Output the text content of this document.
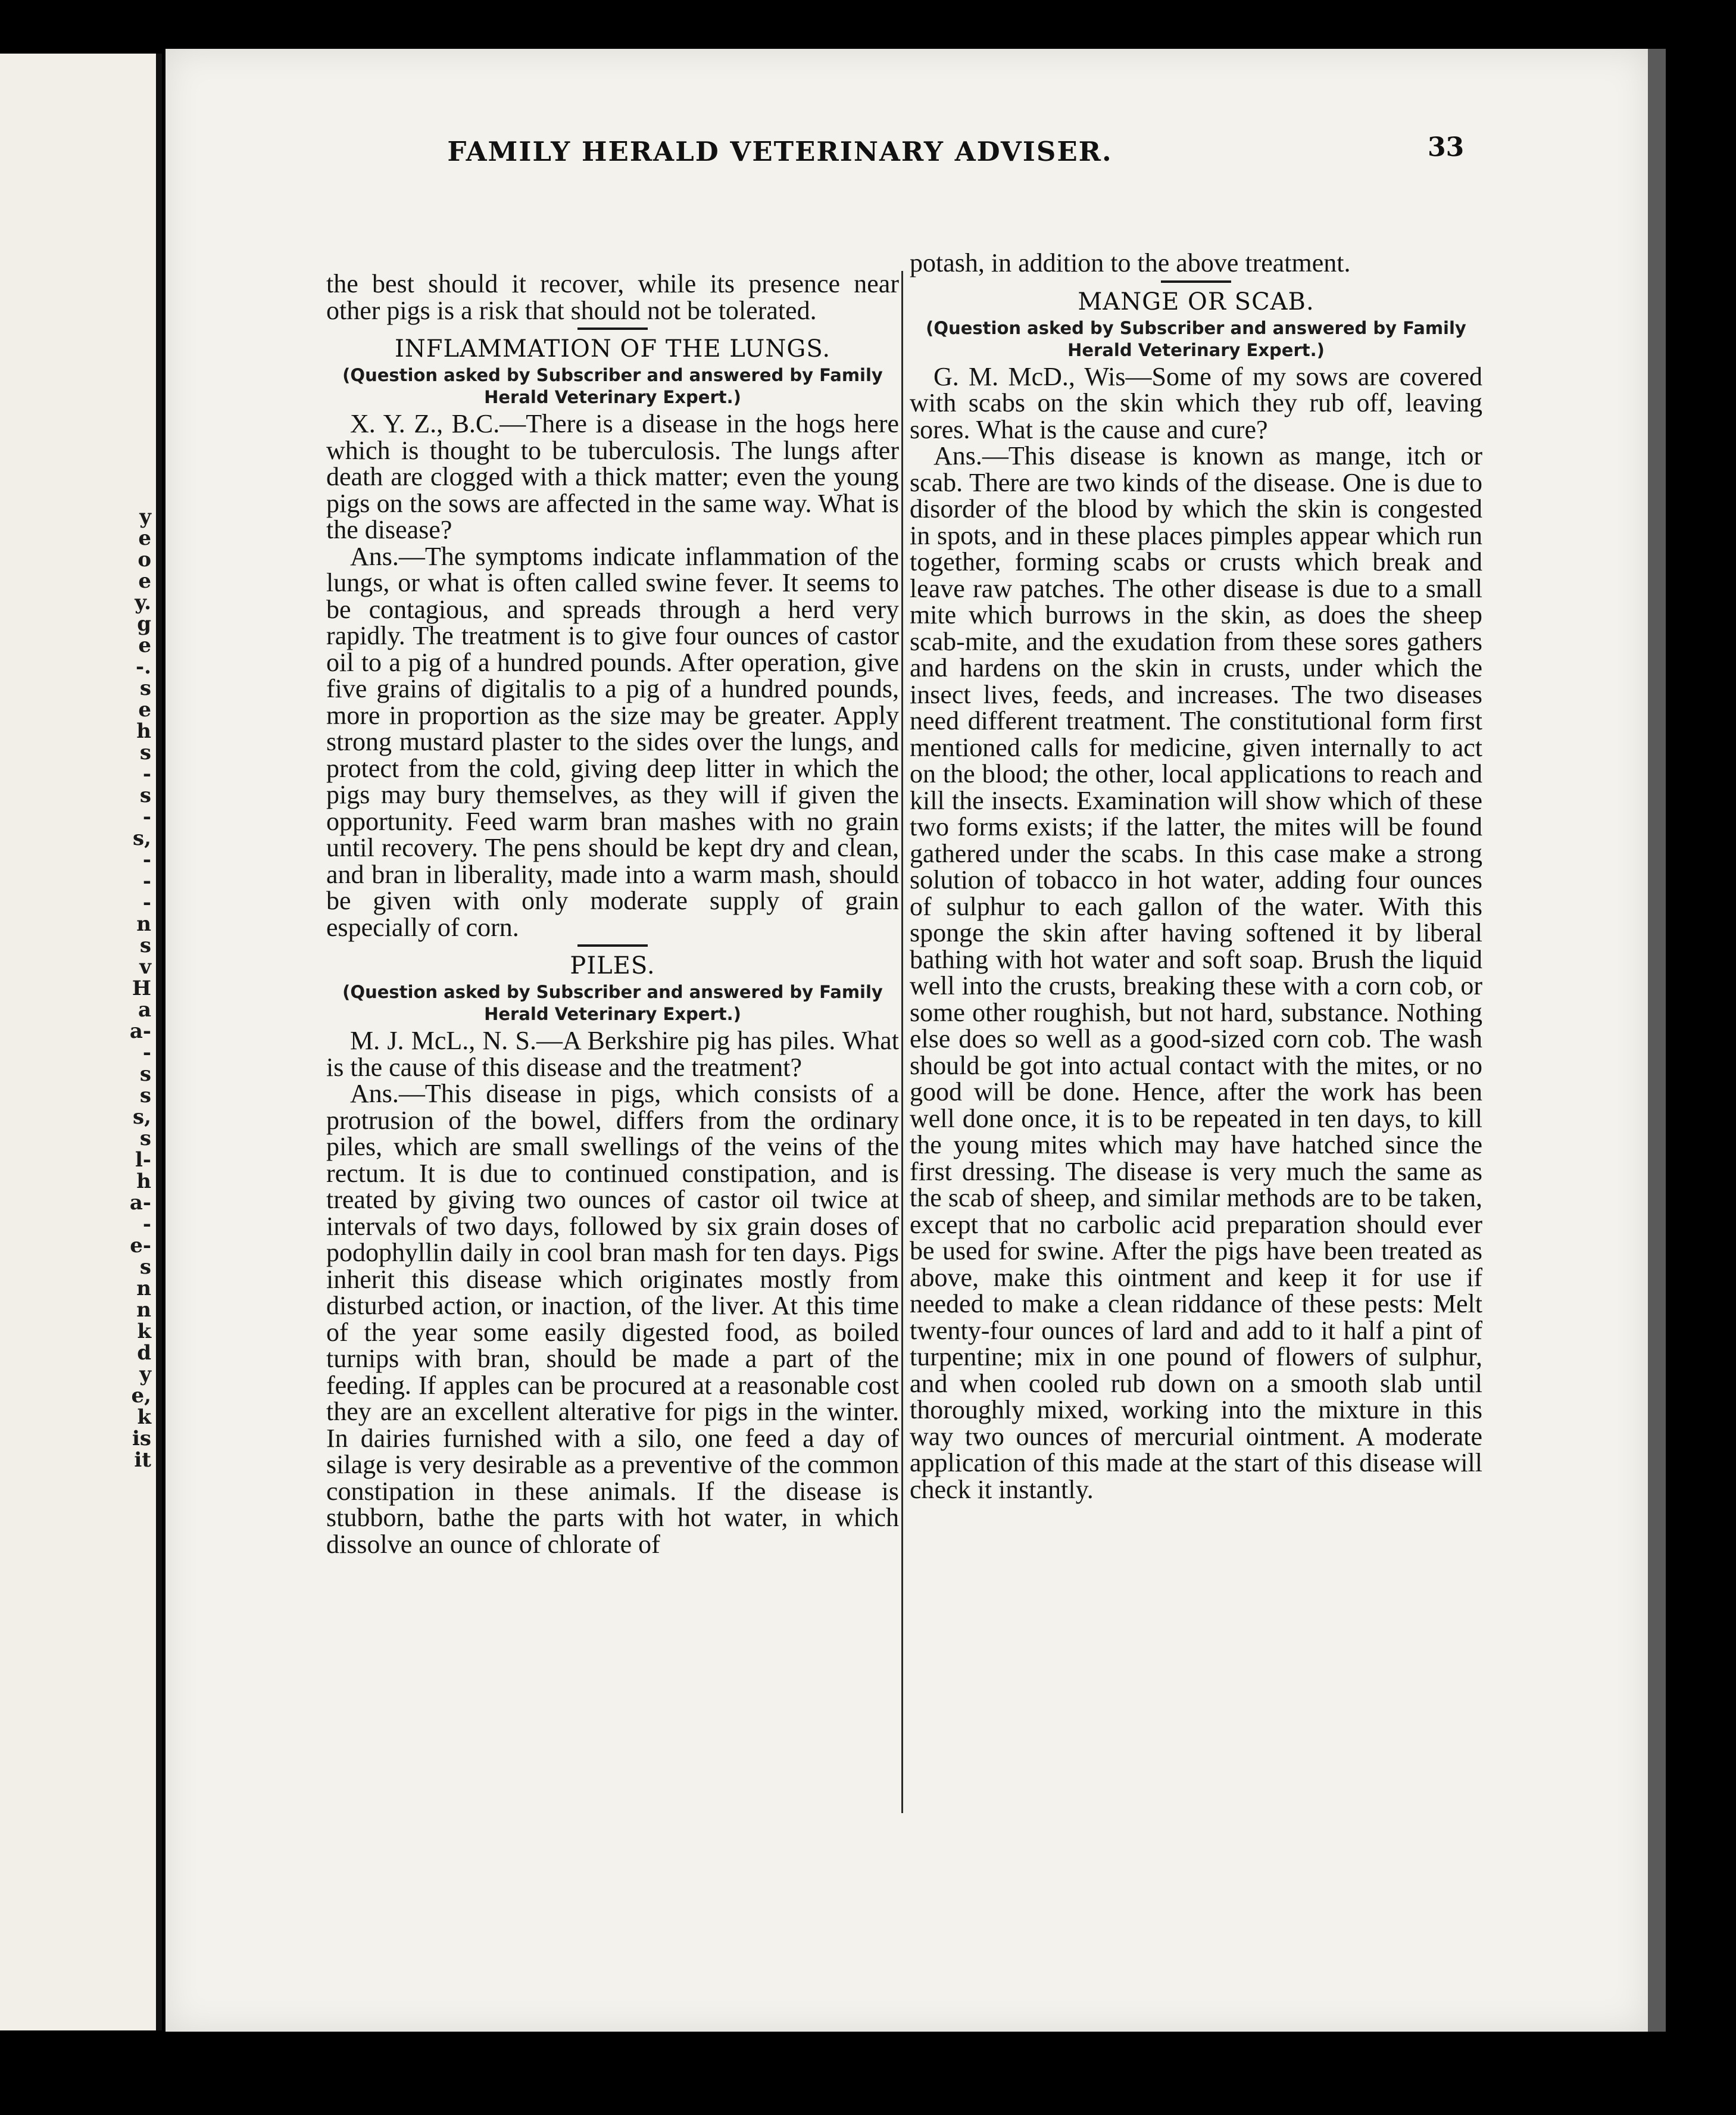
y
e
o
e
y.
g
e
-.
s
e
h
s
-
s
-
s,
-
-
-
n
s
v
H
a
a-
-
s
s
s,
s
l-
h
a-
-
e-
s
n
n
k
d
y
e,
k
is
it
FAMILY HERALD VETERINARY ADVISER.	33

the best should it recover, while its presence near other pigs is a risk that should not be tolerated.

INFLAMMATION OF THE LUNGS.
(Question asked by Subscriber and answered by Family Herald Veterinary Expert.)

X. Y. Z., B.C.—There is a disease in the hogs here which is thought to be tuberculosis. The lungs after death are clogged with a thick matter; even the young pigs on the sows are affected in the same way. What is the disease?

Ans.—The symptoms indicate inflammation of the lungs, or what is often called swine fever. It seems to be contagious, and spreads through a herd very rapidly. The treatment is to give four ounces of castor oil to a pig of a hundred pounds. After operation, give five grains of digitalis to a pig of a hundred pounds, more in proportion as the size may be greater. Apply strong mustard plaster to the sides over the lungs, and protect from the cold, giving deep litter in which the pigs may bury themselves, as they will if given the opportunity. Feed warm bran mashes with no grain until recovery. The pens should be kept dry and clean, and bran in liberality, made into a warm mash, should be given with only moderate supply of grain especially of corn.

PILES.
(Question asked by Subscriber and answered by Family Herald Veterinary Expert.)

M. J. McL., N. S.—A Berkshire pig has piles. What is the cause of this disease and the treatment?

Ans.—This disease in pigs, which consists of a protrusion of the bowel, differs from the ordinary piles, which are small swellings of the veins of the rectum. It is due to continued constipation, and is treated by giving two ounces of castor oil twice at intervals of two days, followed by six grain doses of podophyllin daily in cool bran mash for ten days. Pigs inherit this disease which originates mostly from disturbed action, or inaction, of the liver. At this time of the year some easily digested food, as boiled turnips with bran, should be made a part of the feeding. If apples can be procured at a reasonable cost they are an excellent alterative for pigs in the winter. In dairies furnished with a silo, one feed a day of silage is very desirable as a preventive of the common constipation in these animals. If the disease is stubborn, bathe the parts with hot water, in which dissolve an ounce of chlorate of

potash, in addition to the above treatment.

MANGE OR SCAB.
(Question asked by Subscriber and answered by Family Herald Veterinary Expert.)

G. M. McD., Wis—Some of my sows are covered with scabs on the skin which they rub off, leaving sores. What is the cause and cure?

Ans.—This disease is known as mange, itch or scab. There are two kinds of the disease. One is due to disorder of the blood by which the skin is congested in spots, and in these places pimples appear which run together, forming scabs or crusts which break and leave raw patches. The other disease is due to a small mite which burrows in the skin, as does the sheep scab-mite, and the exudation from these sores gathers and hardens on the skin in crusts, under which the insect lives, feeds, and increases. The two diseases need different treatment. The constitutional form first mentioned calls for medicine, given internally to act on the blood; the other, local applications to reach and kill the insects. Examination will show which of these two forms exists; if the latter, the mites will be found gathered under the scabs. In this case make a strong solution of tobacco in hot water, adding four ounces of sulphur to each gallon of the water. With this sponge the skin after having softened it by liberal bathing with hot water and soft soap. Brush the liquid well into the crusts, breaking these with a corn cob, or some other roughish, but not hard, substance. Nothing else does so well as a good-sized corn cob. The wash should be got into actual contact with the mites, or no good will be done. Hence, after the work has been well done once, it is to be repeated in ten days, to kill the young mites which may have hatched since the first dressing. The disease is very much the same as the scab of sheep, and similar methods are to be taken, except that no carbolic acid preparation should ever be used for swine. After the pigs have been treated as above, make this ointment and keep it for use if needed to make a clean riddance of these pests: Melt twenty-four ounces of lard and add to it half a pint of turpentine; mix in one pound of flowers of sulphur, and when cooled rub down on a smooth slab until thoroughly mixed, working into the mixture in this way two ounces of mercurial ointment. A moderate application of this made at the start of this disease will check it instantly.
